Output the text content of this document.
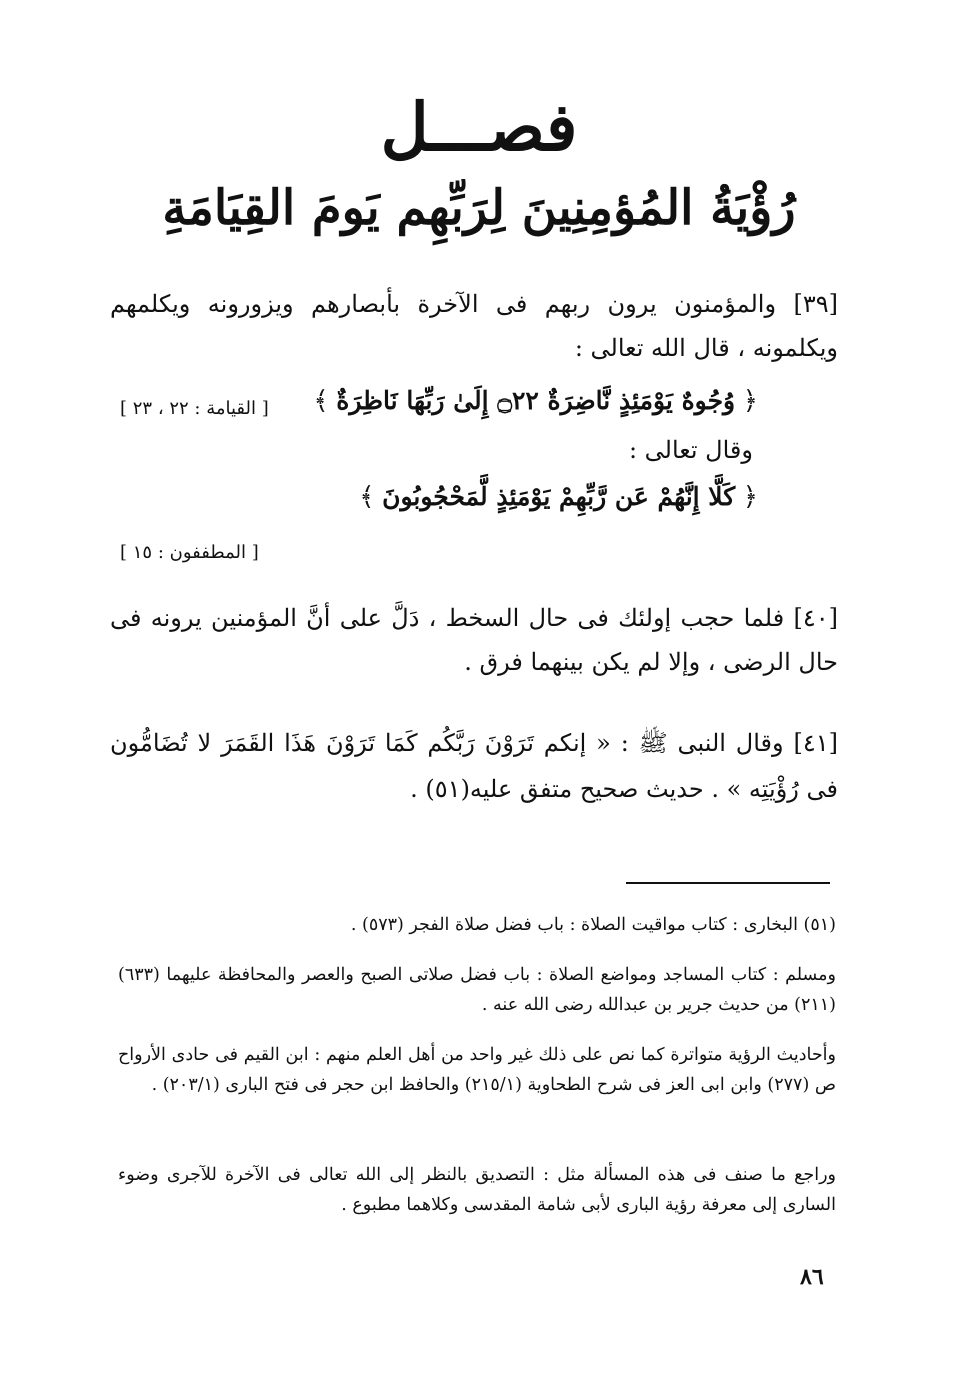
فصـــل
رُؤْيَةُ المُؤمِنِينَ لِرَبِّهِم يَومَ القِيَامَةِ
[٣٩] والمؤمنون يرون ربهم فى الآخرة بأبصارهم ويزورونه ويكلمهم ويكلمونه ، قال الله تعالى :
﴿ وُجُوهٌ يَوْمَئِذٍ نَّاضِرَةٌ ۝٢٢ إِلَىٰ رَبِّهَا نَاظِرَةٌ ﴾
[ القيامة : ٢٢ ، ٢٣ ]
وقال تعالى :
﴿ كَلَّا إِنَّهُمْ عَن رَّبِّهِمْ يَوْمَئِذٍ لَّمَحْجُوبُونَ ﴾
[ المطففون : ١٥ ]
[٤٠] فلما حجب إولئك فى حال السخط ، دَلَّ على أنَّ المؤمنين يرونه فى حال الرضى ، وإلا لم يكن بينهما فرق .
[٤١] وقال النبى ﷺ : « إنكم تَرَوْنَ رَبَّكُم كَمَا تَرَوْنَ هَذَا القَمَرَ لا تُضَامُّون فى رُؤْيَتِه » . حديث صحيح متفق عليه(٥١) .
(٥١) البخارى : كتاب مواقيت الصلاة : باب فضل صلاة الفجر (٥٧٣) .
ومسلم : كتاب المساجد ومواضع الصلاة : باب فضل صلاتى الصبح والعصر والمحافظة عليهما (٦٣٣) (٢١١) من حديث جرير بن عبدالله رضى الله عنه .
وأحاديث الرؤية متواترة كما نص على ذلك غير واحد من أهل العلم منهم : ابن القيم فى حادى الأرواح ص (٢٧٧) وابن ابى العز فى شرح الطحاوية (٢١٥/١) والحافظ ابن حجر فى فتح البارى (٢٠٣/١) .
وراجع ما صنف فى هذه المسألة مثل : التصديق بالنظر إلى الله تعالى فى الآخرة للآجرى وضوء السارى إلى معرفة رؤية البارى لأبى شامة المقدسى وكلاهما مطبوع .
٨٦
